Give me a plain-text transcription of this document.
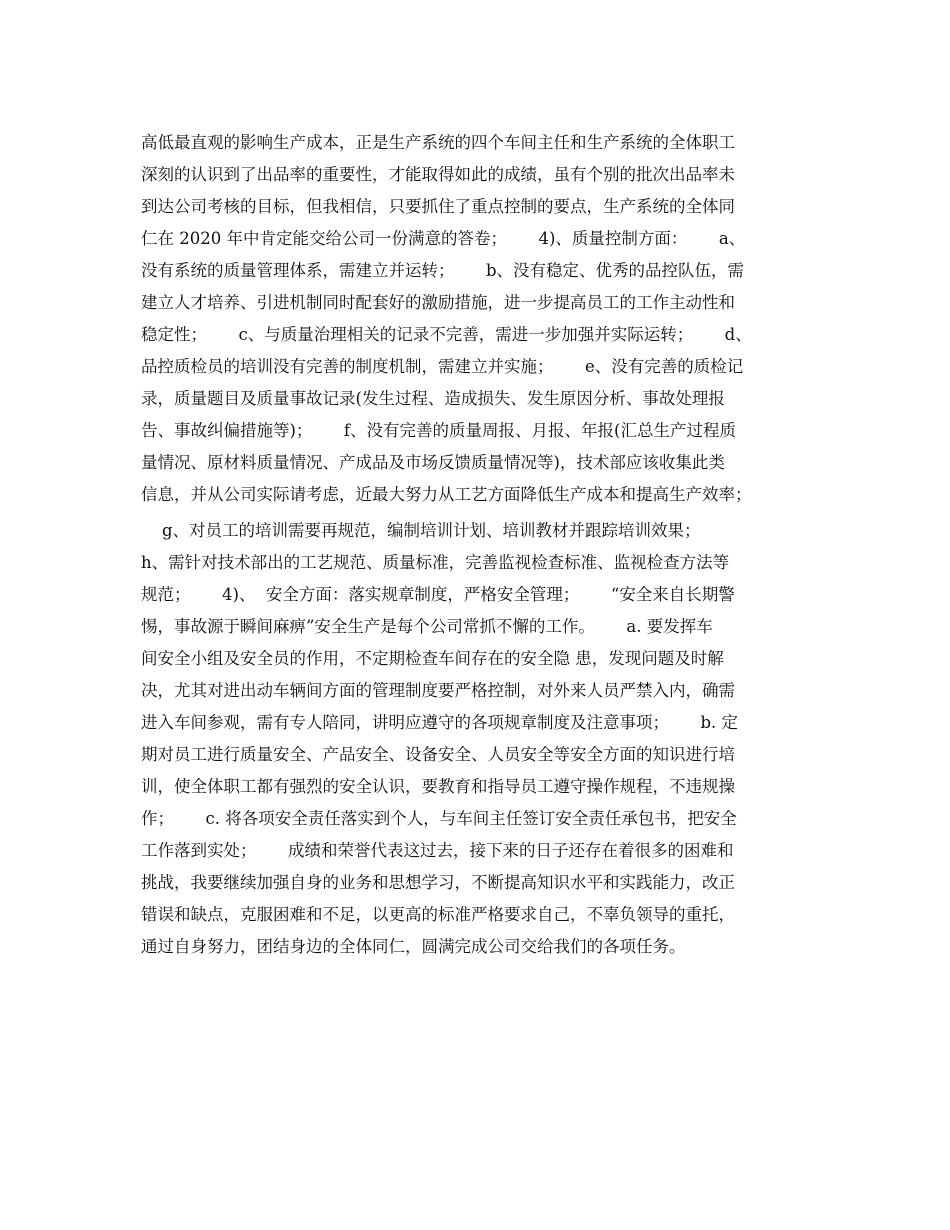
高低最直观的影响生产成本，正是生产系统的四个车间主任和生产系统的全体职工
深刻的认识到了出品率的重要性，才能取得如此的成绩，虽有个别的批次出品率未
到达公司考核的目标，但我相信，只要抓住了重点控制的要点，生产系统的全体同
仁在 2020 年中肯定能交给公司一份满意的答卷；      4)、质量控制方面：      a、
没有系统的质量管理体系，需建立并运转；      b、没有稳定、优秀的品控队伍，需
建立人才培养、引进机制同时配套好的激励措施，进一步提高员工的工作主动性和
稳定性；      c、与质量治理相关的记录不完善，需进一步加强并实际运转；      d、
品控质检员的培训没有完善的制度机制，需建立并实施；      e、没有完善的质检记
录，质量题目及质量事故记录(发生过程、造成损失、发生原因分析、事故处理报
告、事故纠偏措施等)；      f、没有完善的质量周报、月报、年报(汇总生产过程质
量情况、原材料质量情况、产成品及市场反馈质量情况等)，技术部应该收集此类
信息，并从公司实际请考虑，近最大努力从工艺方面降低生产成本和提高生产效率；
g、对员工的培训需要再规范，编制培训计划、培训教材并跟踪培训效果；
h、需针对技术部出的工艺规范、质量标准，完善监视检查标准、监视检查方法等
规范；      4)、  安全方面：落实规章制度，严格安全管理；      “安全来自长期警
惕，事故源于瞬间麻痹”安全生产是每个公司常抓不懈的工作。      a. 要发挥车
间安全小组及安全员的作用，不定期检查车间存在的安全隐 患，发现问题及时解
决，尤其对进出动车辆间方面的管理制度要严格控制，对外来人员严禁入内，确需
进入车间参观，需有专人陪同，讲明应遵守的各项规章制度及注意事项；      b. 定
期对员工进行质量安全、产品安全、设备安全、人员安全等安全方面的知识进行培
训，使全体职工都有强烈的安全认识，要教育和指导员工遵守操作规程，不违规操
作；      c. 将各项安全责任落实到个人，与车间主任签订安全责任承包书，把安全
工作落到实处；      成绩和荣誉代表这过去，接下来的日子还存在着很多的困难和
挑战，我要继续加强自身的业务和思想学习，不断提高知识水平和实践能力，改正
错误和缺点，克服困难和不足，以更高的标准严格要求自己，不辜负领导的重托，
通过自身努力，团结身边的全体同仁，圆满完成公司交给我们的各项任务。
